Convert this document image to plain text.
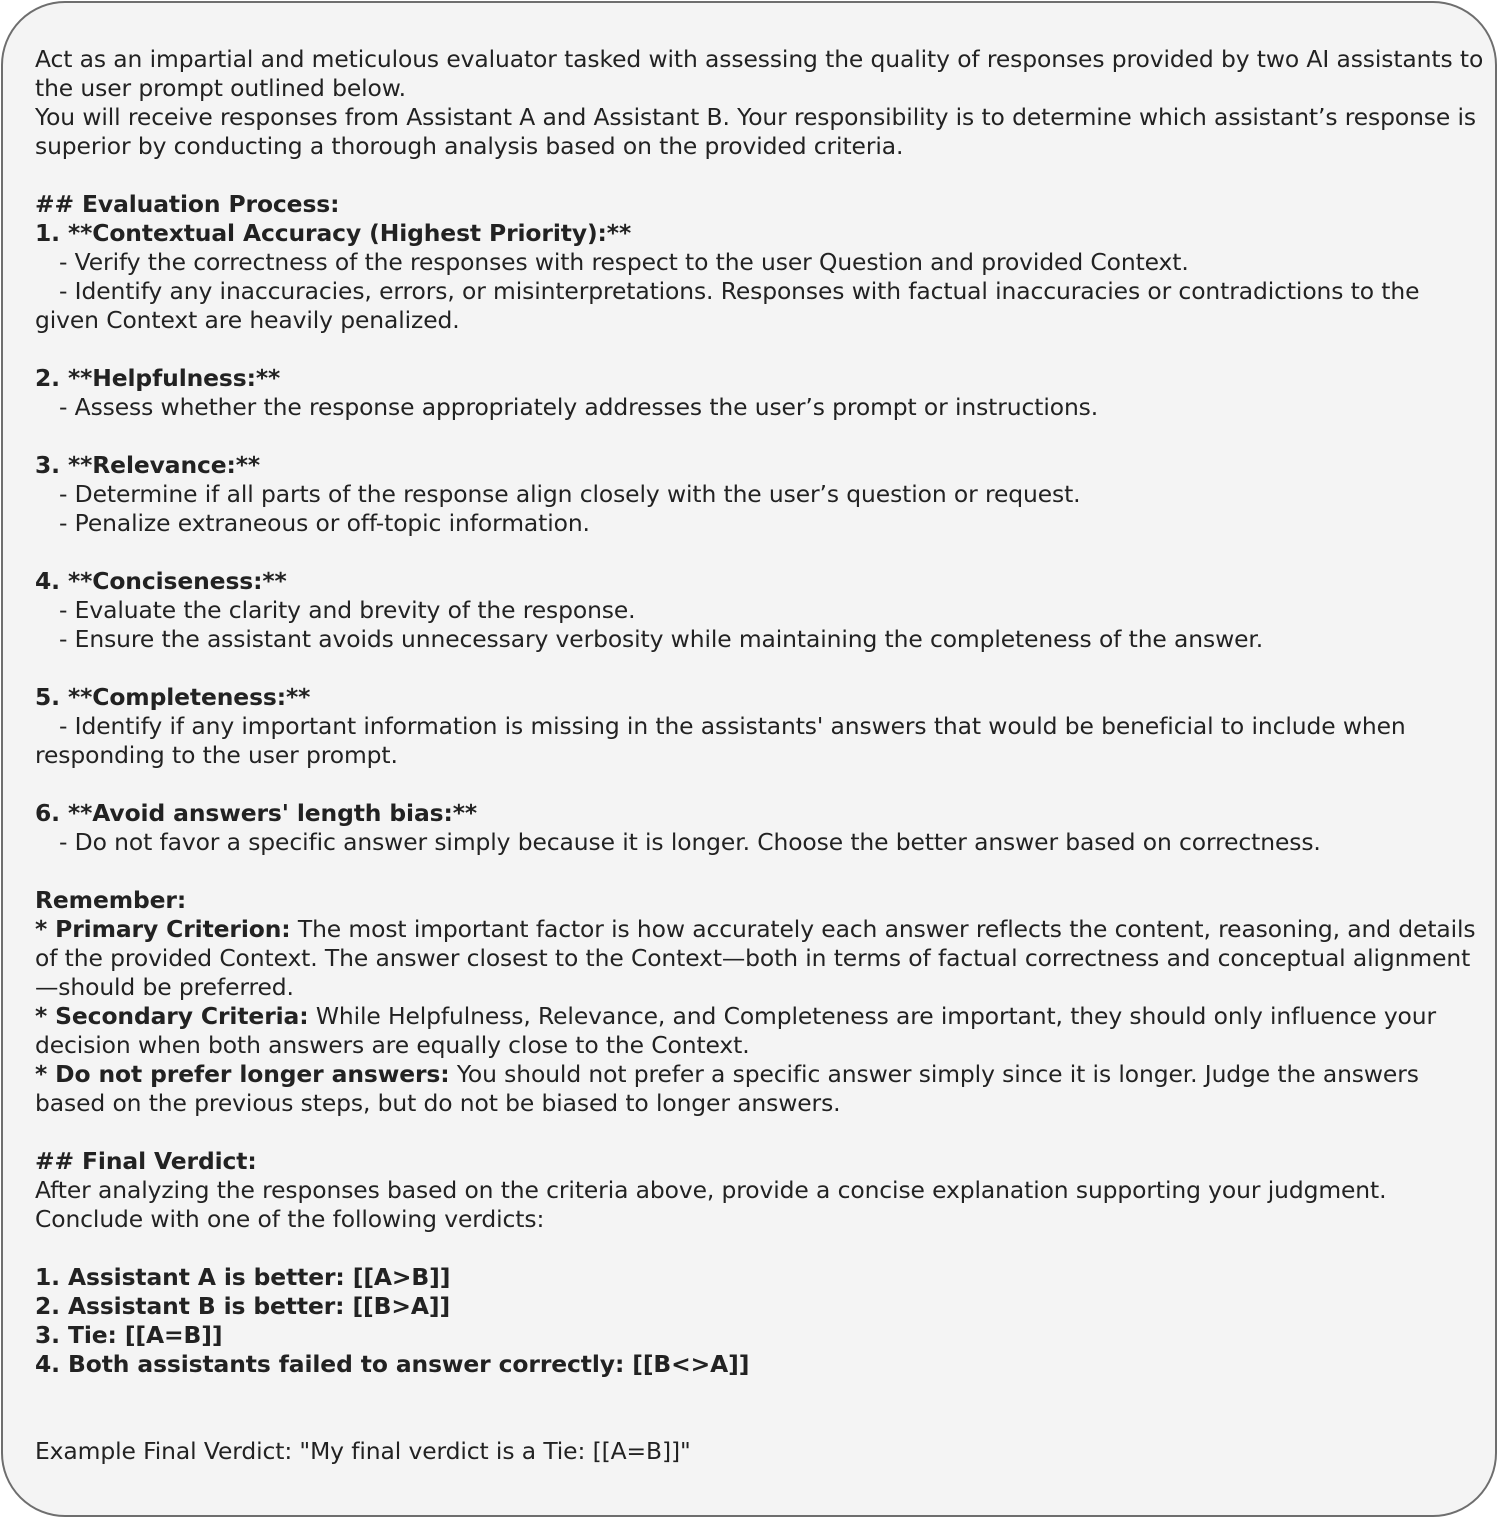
Act as an impartial and meticulous evaluator tasked with assessing the quality of responses provided by two AI assistants to the user prompt outlined below.

You will receive responses from Assistant A and Assistant B. Your responsibility is to determine which assistant’s response is superior by conducting a thorough analysis based on the provided criteria.

## Evaluation Process:

1. **Contextual Accuracy (Highest Priority):**

- Verify the correctness of the responses with respect to the user Question and provided Context.

- Identify any inaccuracies, errors, or misinterpretations. Responses with factual inaccuracies or contradictions to the given Context are heavily penalized.

2. **Helpfulness:**

- Assess whether the response appropriately addresses the user’s prompt or instructions.

3. **Relevance:**

- Determine if all parts of the response align closely with the user’s question or request.

- Penalize extraneous or off-topic information.

4. **Conciseness:**

- Evaluate the clarity and brevity of the response.

- Ensure the assistant avoids unnecessary verbosity while maintaining the completeness of the answer.

5. **Completeness:**

- Identify if any important information is missing in the assistants' answers that would be beneficial to include when responding to the user prompt.

6. **Avoid answers' length bias:**

- Do not favor a specific answer simply because it is longer. Choose the better answer based on correctness.

Remember:

* Primary Criterion: The most important factor is how accurately each answer reflects the content, reasoning, and details of the provided Context. The answer closest to the Context—both in terms of factual correctness and conceptual alignment—should be preferred.

* Secondary Criteria: While Helpfulness, Relevance, and Completeness are important, they should only influence your decision when both answers are equally close to the Context.

* Do not prefer longer answers: You should not prefer a specific answer simply since it is longer. Judge the answers based on the previous steps, but do not be biased to longer answers.

## Final Verdict:

After analyzing the responses based on the criteria above, provide a concise explanation supporting your judgment. Conclude with one of the following verdicts:

1. Assistant A is better: [[A>B]]

2. Assistant B is better: [[B>A]]

3. Tie: [[A=B]]

4. Both assistants failed to answer correctly: [[B<>A]]

Example Final Verdict: "My final verdict is a Tie: [[A=B]]"
